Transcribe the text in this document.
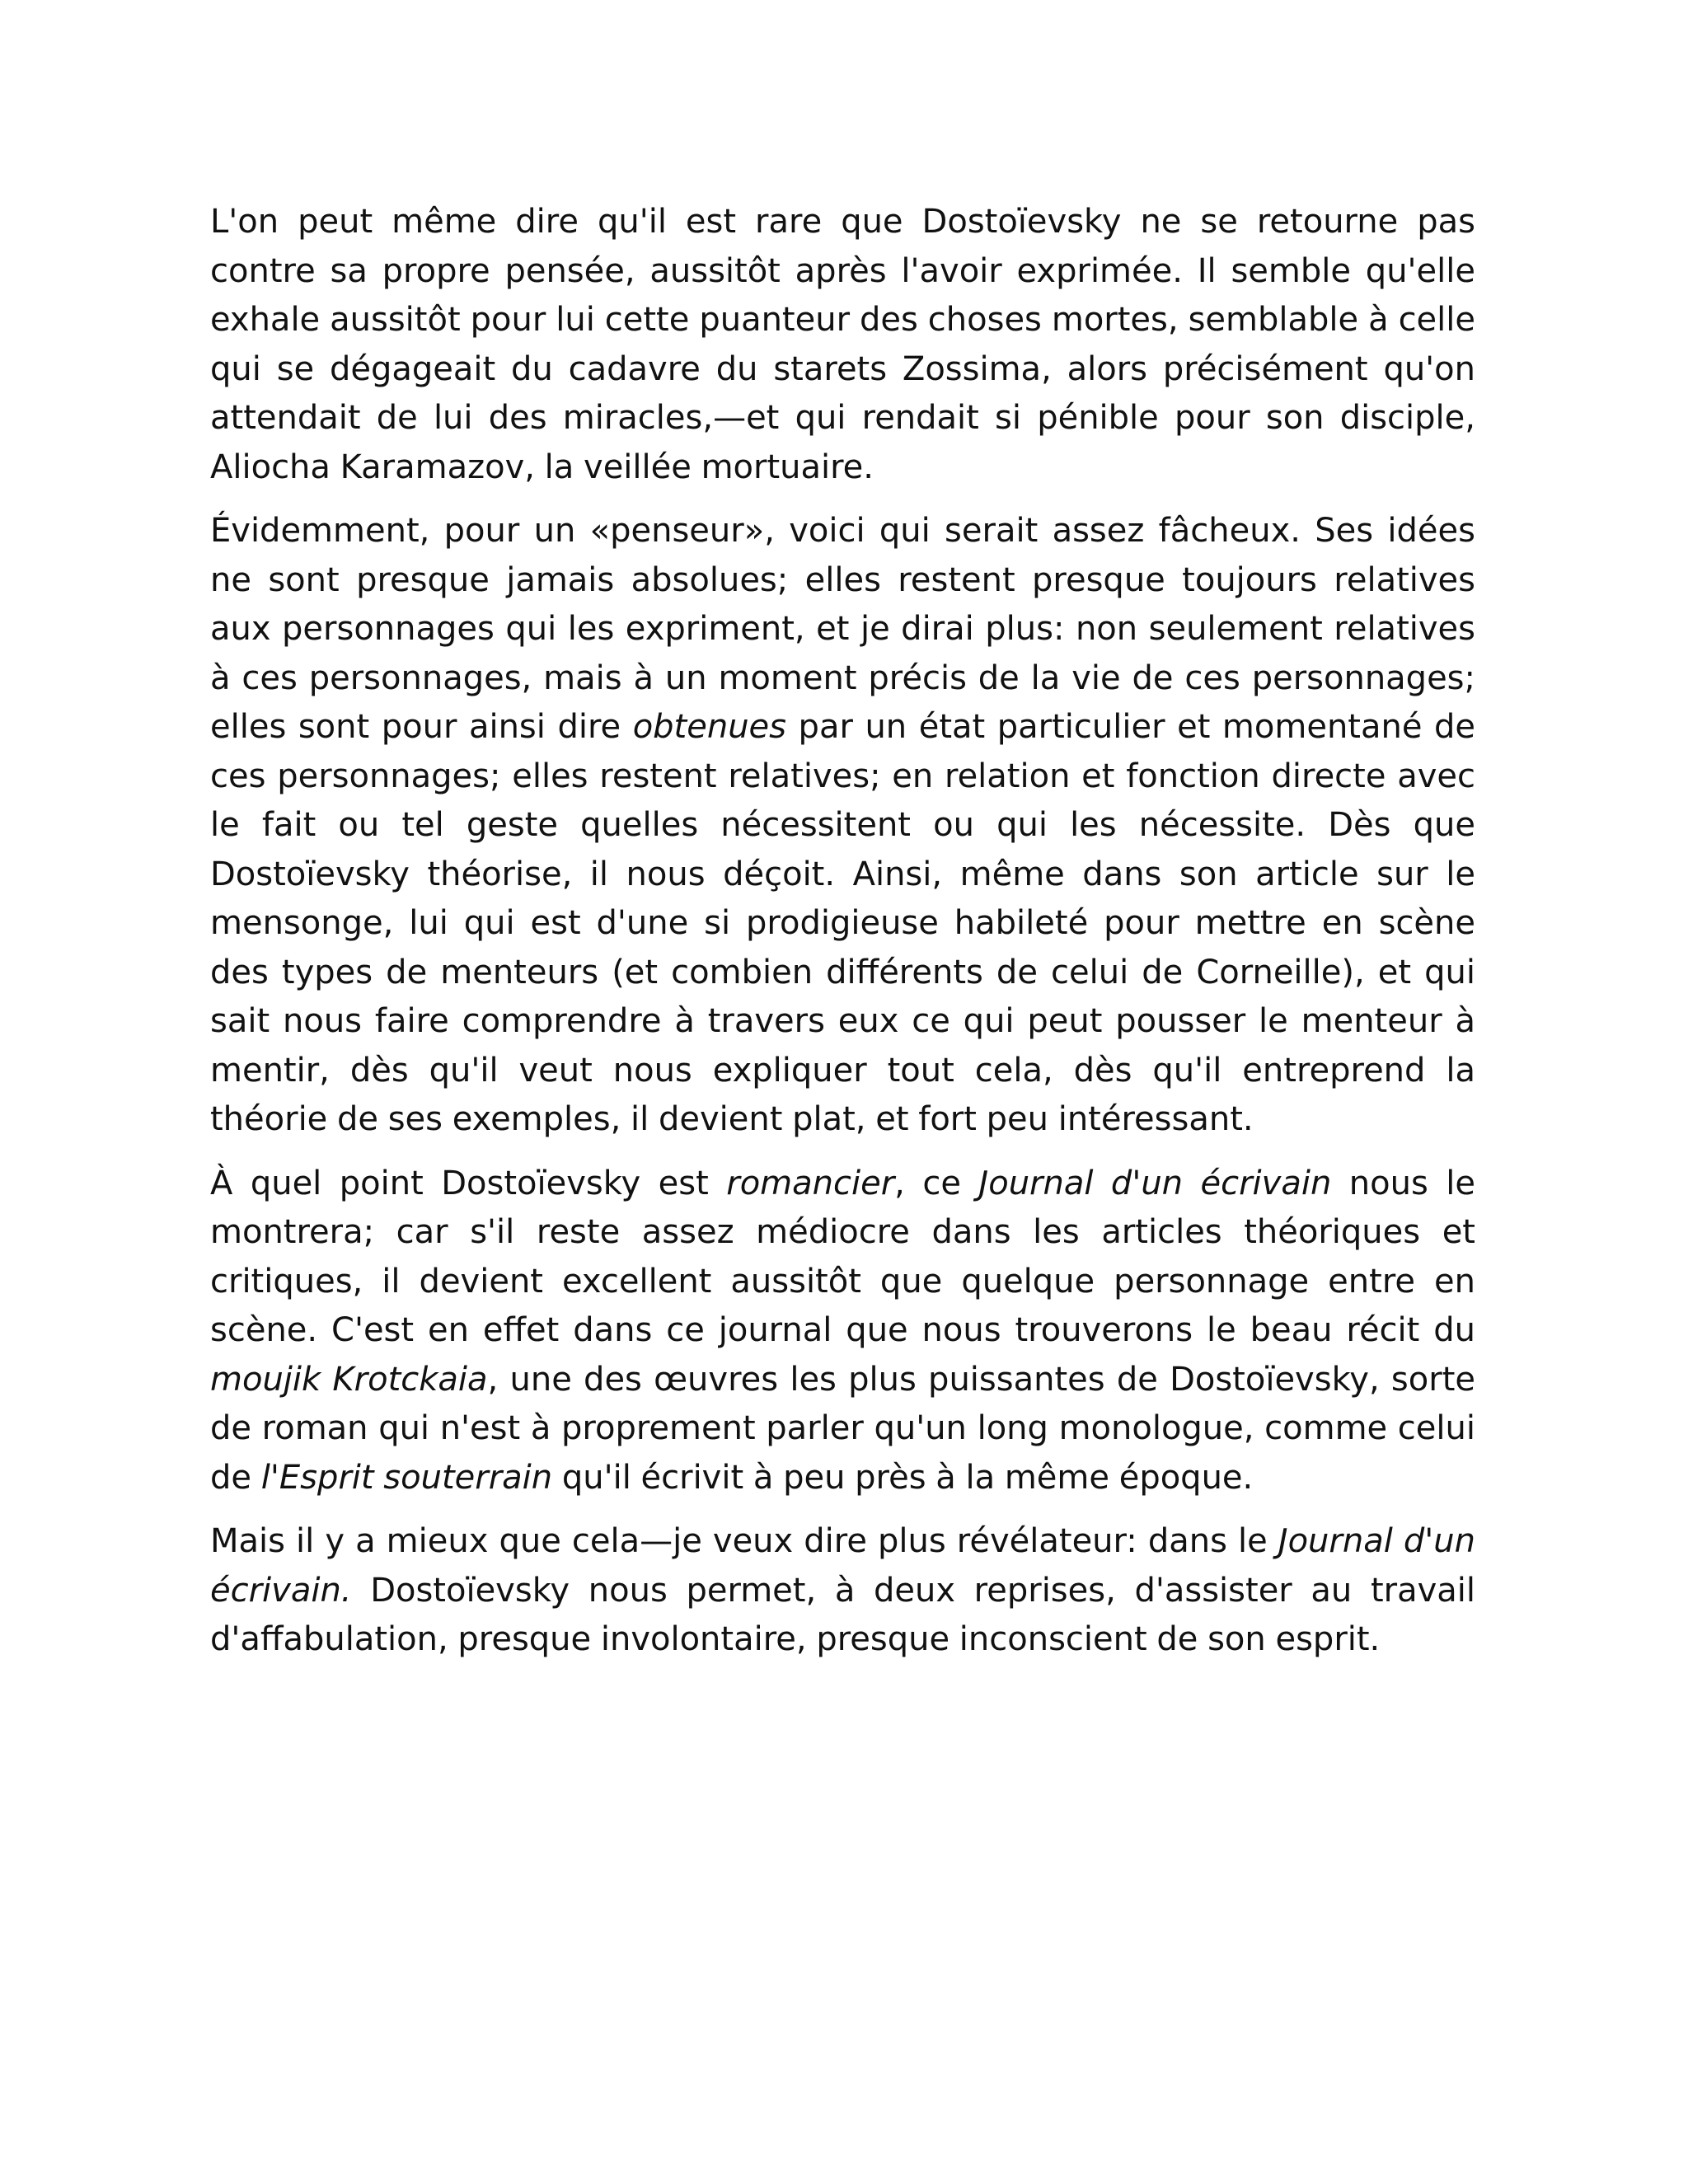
L'on peut même dire qu'il est rare que Dostoïevsky ne se retourne pas contre sa propre pensée, aussitôt après l'avoir exprimée. Il semble qu'elle exhale aussitôt pour lui cette puanteur des choses mortes, semblable à celle qui se dégageait du cadavre du starets Zossima, alors précisément qu'on attendait de lui des miracles,—et qui rendait si pénible pour son disciple, Aliocha Karamazov, la veillée mortuaire.

Évidemment, pour un «penseur», voici qui serait assez fâcheux. Ses idées ne sont presque jamais absolues; elles restent presque toujours relatives aux personnages qui les expriment, et je dirai plus: non seulement relatives à ces personnages, mais à un moment précis de la vie de ces personnages; elles sont pour ainsi dire obtenues par un état particulier et momentané de ces personnages; elles restent relatives; en relation et fonction directe avec le fait ou tel geste quelles nécessitent ou qui les nécessite. Dès que Dostoïevsky théorise, il nous déçoit. Ainsi, même dans son article sur le mensonge, lui qui est d'une si prodigieuse habileté pour mettre en scène des types de menteurs (et combien différents de celui de Corneille), et qui sait nous faire comprendre à travers eux ce qui peut pousser le menteur à mentir, dès qu'il veut nous expliquer tout cela, dès qu'il entreprend la théorie de ses exemples, il devient plat, et fort peu intéressant.

À quel point Dostoïevsky est romancier, ce Journal d'un écrivain nous le montrera; car s'il reste assez médiocre dans les articles théoriques et critiques, il devient excellent aussitôt que quelque personnage entre en scène. C'est en effet dans ce journal que nous trouverons le beau récit du moujik Krotckaia, une des œuvres les plus puissantes de Dostoïevsky, sorte de roman qui n'est à proprement parler qu'un long monologue, comme celui de l'Esprit souterrain qu'il écrivit à peu près à la même époque.

Mais il y a mieux que cela—je veux dire plus révélateur: dans le Journal d'un écrivain. Dostoïevsky nous permet, à deux reprises, d'assister au travail d'affabulation, presque involontaire, presque inconscient de son esprit.
